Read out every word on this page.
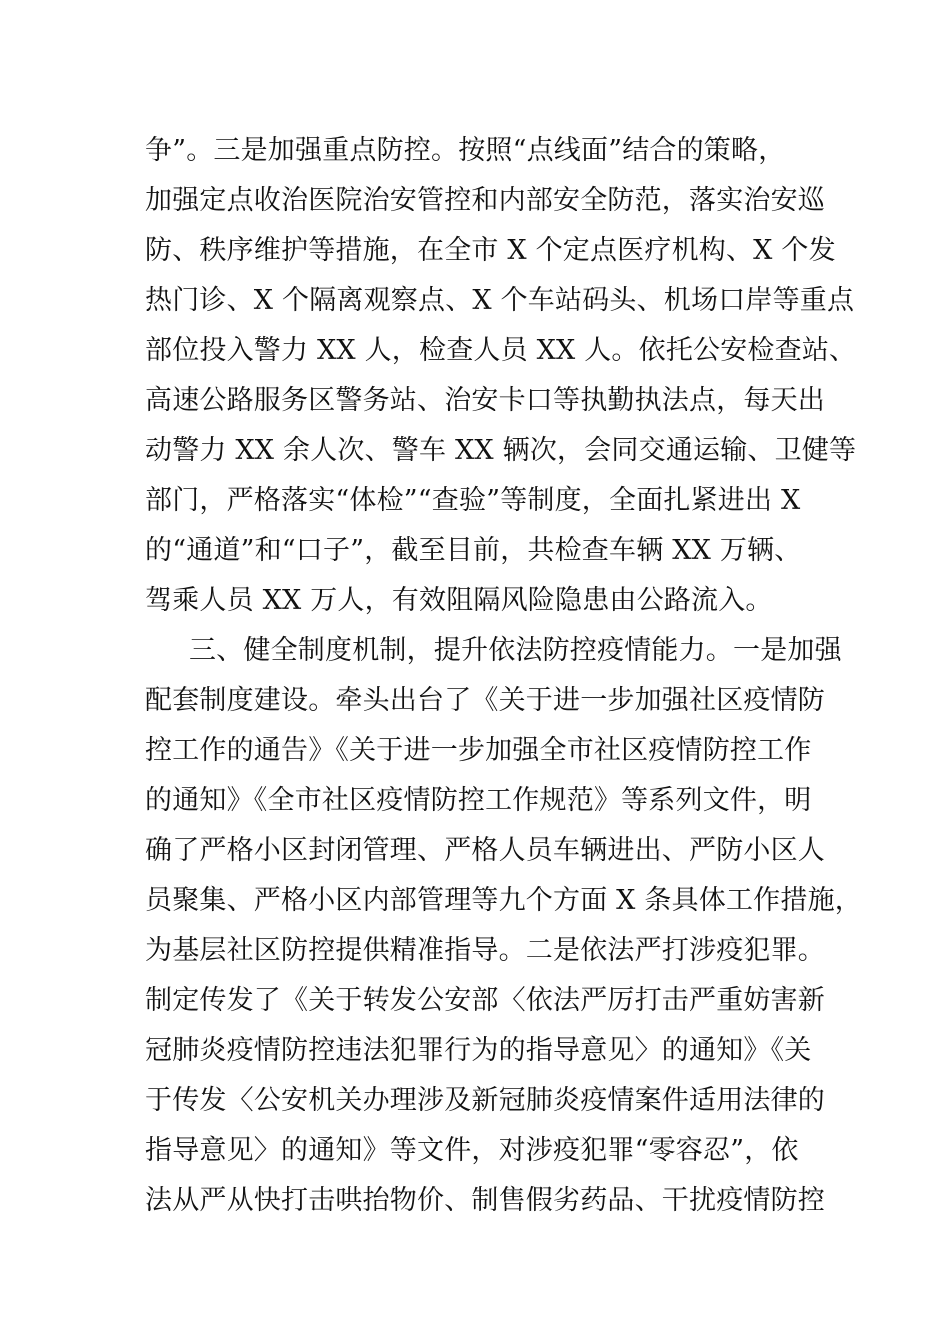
争”。三是加强重点防控。按照“点线面”结合的策略，
加强定点收治医院治安管控和内部安全防范，落实治安巡
防、秩序维护等措施，在全市 X 个定点医疗机构、X 个发
热门诊、X 个隔离观察点、X 个车站码头、机场口岸等重点
部位投入警力 XX 人，检查人员 XX 人。依托公安检查站、
高速公路服务区警务站、治安卡口等执勤执法点，每天出
动警力 XX 余人次、警车 XX 辆次，会同交通运输、卫健等
部门，严格落实“体检”“查验”等制度，全面扎紧进出 X
的“通道”和“口子”，截至目前，共检查车辆 XX 万辆、
驾乘人员 XX 万人，有效阻隔风险隐患由公路流入。
三、健全制度机制，提升依法防控疫情能力。一是加强
配套制度建设。牵头出台了《关于进一步加强社区疫情防
控工作的通告》《关于进一步加强全市社区疫情防控工作
的通知》《全市社区疫情防控工作规范》等系列文件，明
确了严格小区封闭管理、严格人员车辆进出、严防小区人
员聚集、严格小区内部管理等九个方面 X 条具体工作措施，
为基层社区防控提供精准指导。二是依法严打涉疫犯罪。
制定传发了《关于转发公安部〈依法严厉打击严重妨害新
冠肺炎疫情防控违法犯罪行为的指导意见〉的通知》《关
于传发〈公安机关办理涉及新冠肺炎疫情案件适用法律的
指导意见〉的通知》等文件，对涉疫犯罪“零容忍”，依
法从严从快打击哄抬物价、制售假劣药品、干扰疫情防控
